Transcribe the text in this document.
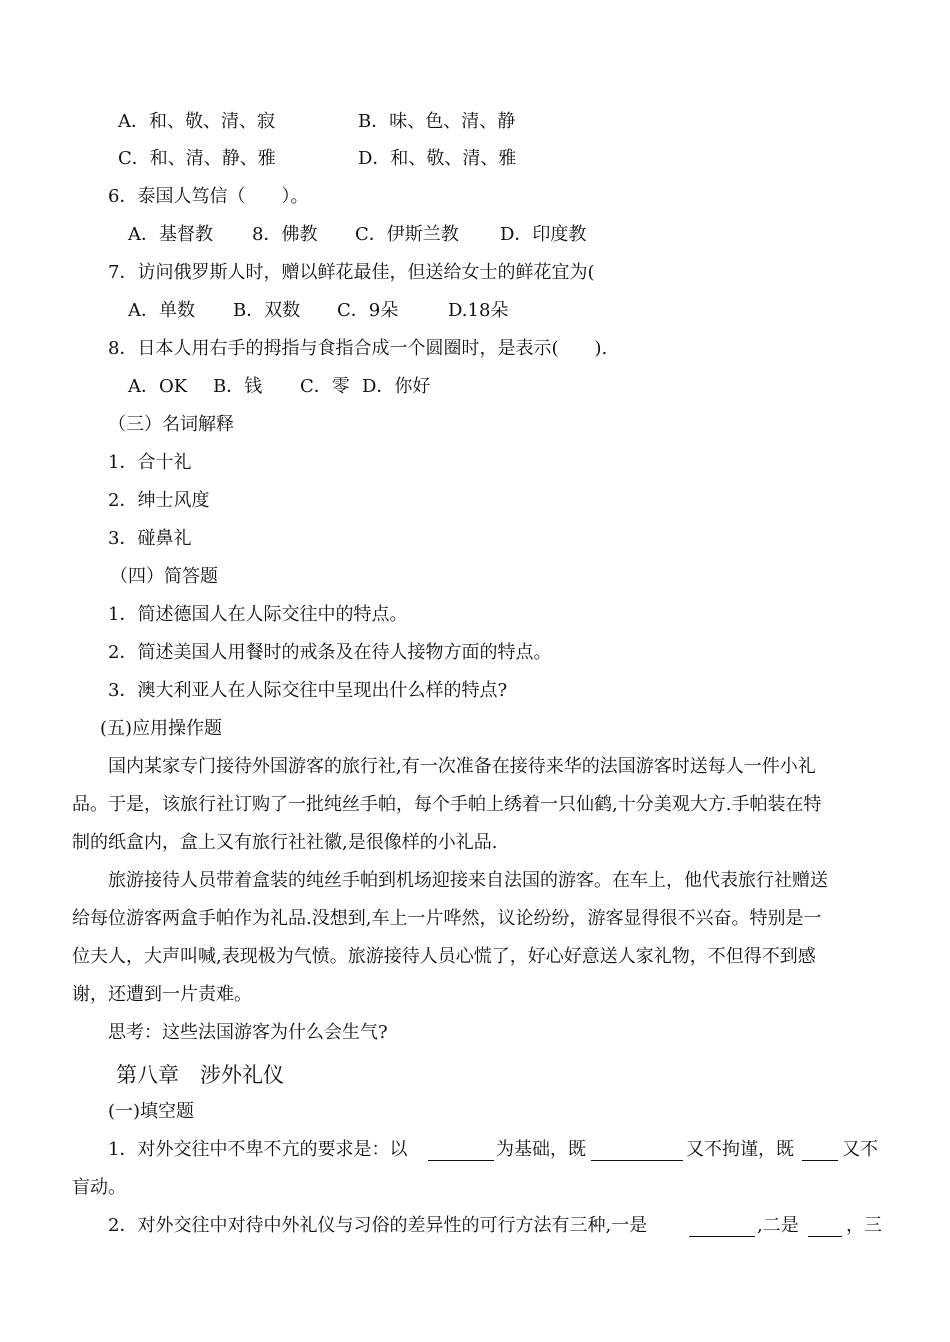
A．和、敬、清、寂	B．味、色、清、静
C．和、清、静、雅	D．和、敬、清、雅
6．泰国人笃信（　　）。
A．基督教 8．佛教 C．伊斯兰教 D．印度教
7．访问俄罗斯人时，赠以鲜花最佳，但送给女士的鲜花宜为(
A．单数 B．双数 C．9朵	D.18朵
8．日本人用右手的拇指与食指合成一个圆圈时，是表示(　　).
A．OK B．钱 C．零 D．你好
（三）名词解释
1．合十礼
2．绅士风度
3．碰鼻礼
（四）简答题
1．简述德国人在人际交往中的特点。
2．简述美国人用餐时的戒条及在待人接物方面的特点。
3．澳大利亚人在人际交往中呈现出什么样的特点?
(五)应用操作题
国内某家专门接待外国游客的旅行社,有一次准备在接待来华的法国游客时送每人一件小礼
品。于是，该旅行社订购了一批纯丝手帕，每个手帕上绣着一只仙鹤,十分美观大方.手帕装在特
制的纸盒内，盒上又有旅行社社徽,是很像样的小礼品.
旅游接待人员带着盒装的纯丝手帕到机场迎接来自法国的游客。在车上，他代表旅行社赠送
给每位游客两盒手帕作为礼品.没想到,车上一片哗然，议论纷纷，游客显得很不兴奋。特别是一
位夫人，大声叫喊,表现极为气愤。旅游接待人员心慌了，好心好意送人家礼物，不但得不到感
谢，还遭到一片责难。
思考：这些法国游客为什么会生气?
第八章　涉外礼仪
(一)填空题
1．对外交往中不卑不亢的要求是：以	为基础，既	又不拘谨，既	又不
盲动。
2．对外交往中对待中外礼仪与习俗的差异性的可行方法有三种,一是	,二是	，三
